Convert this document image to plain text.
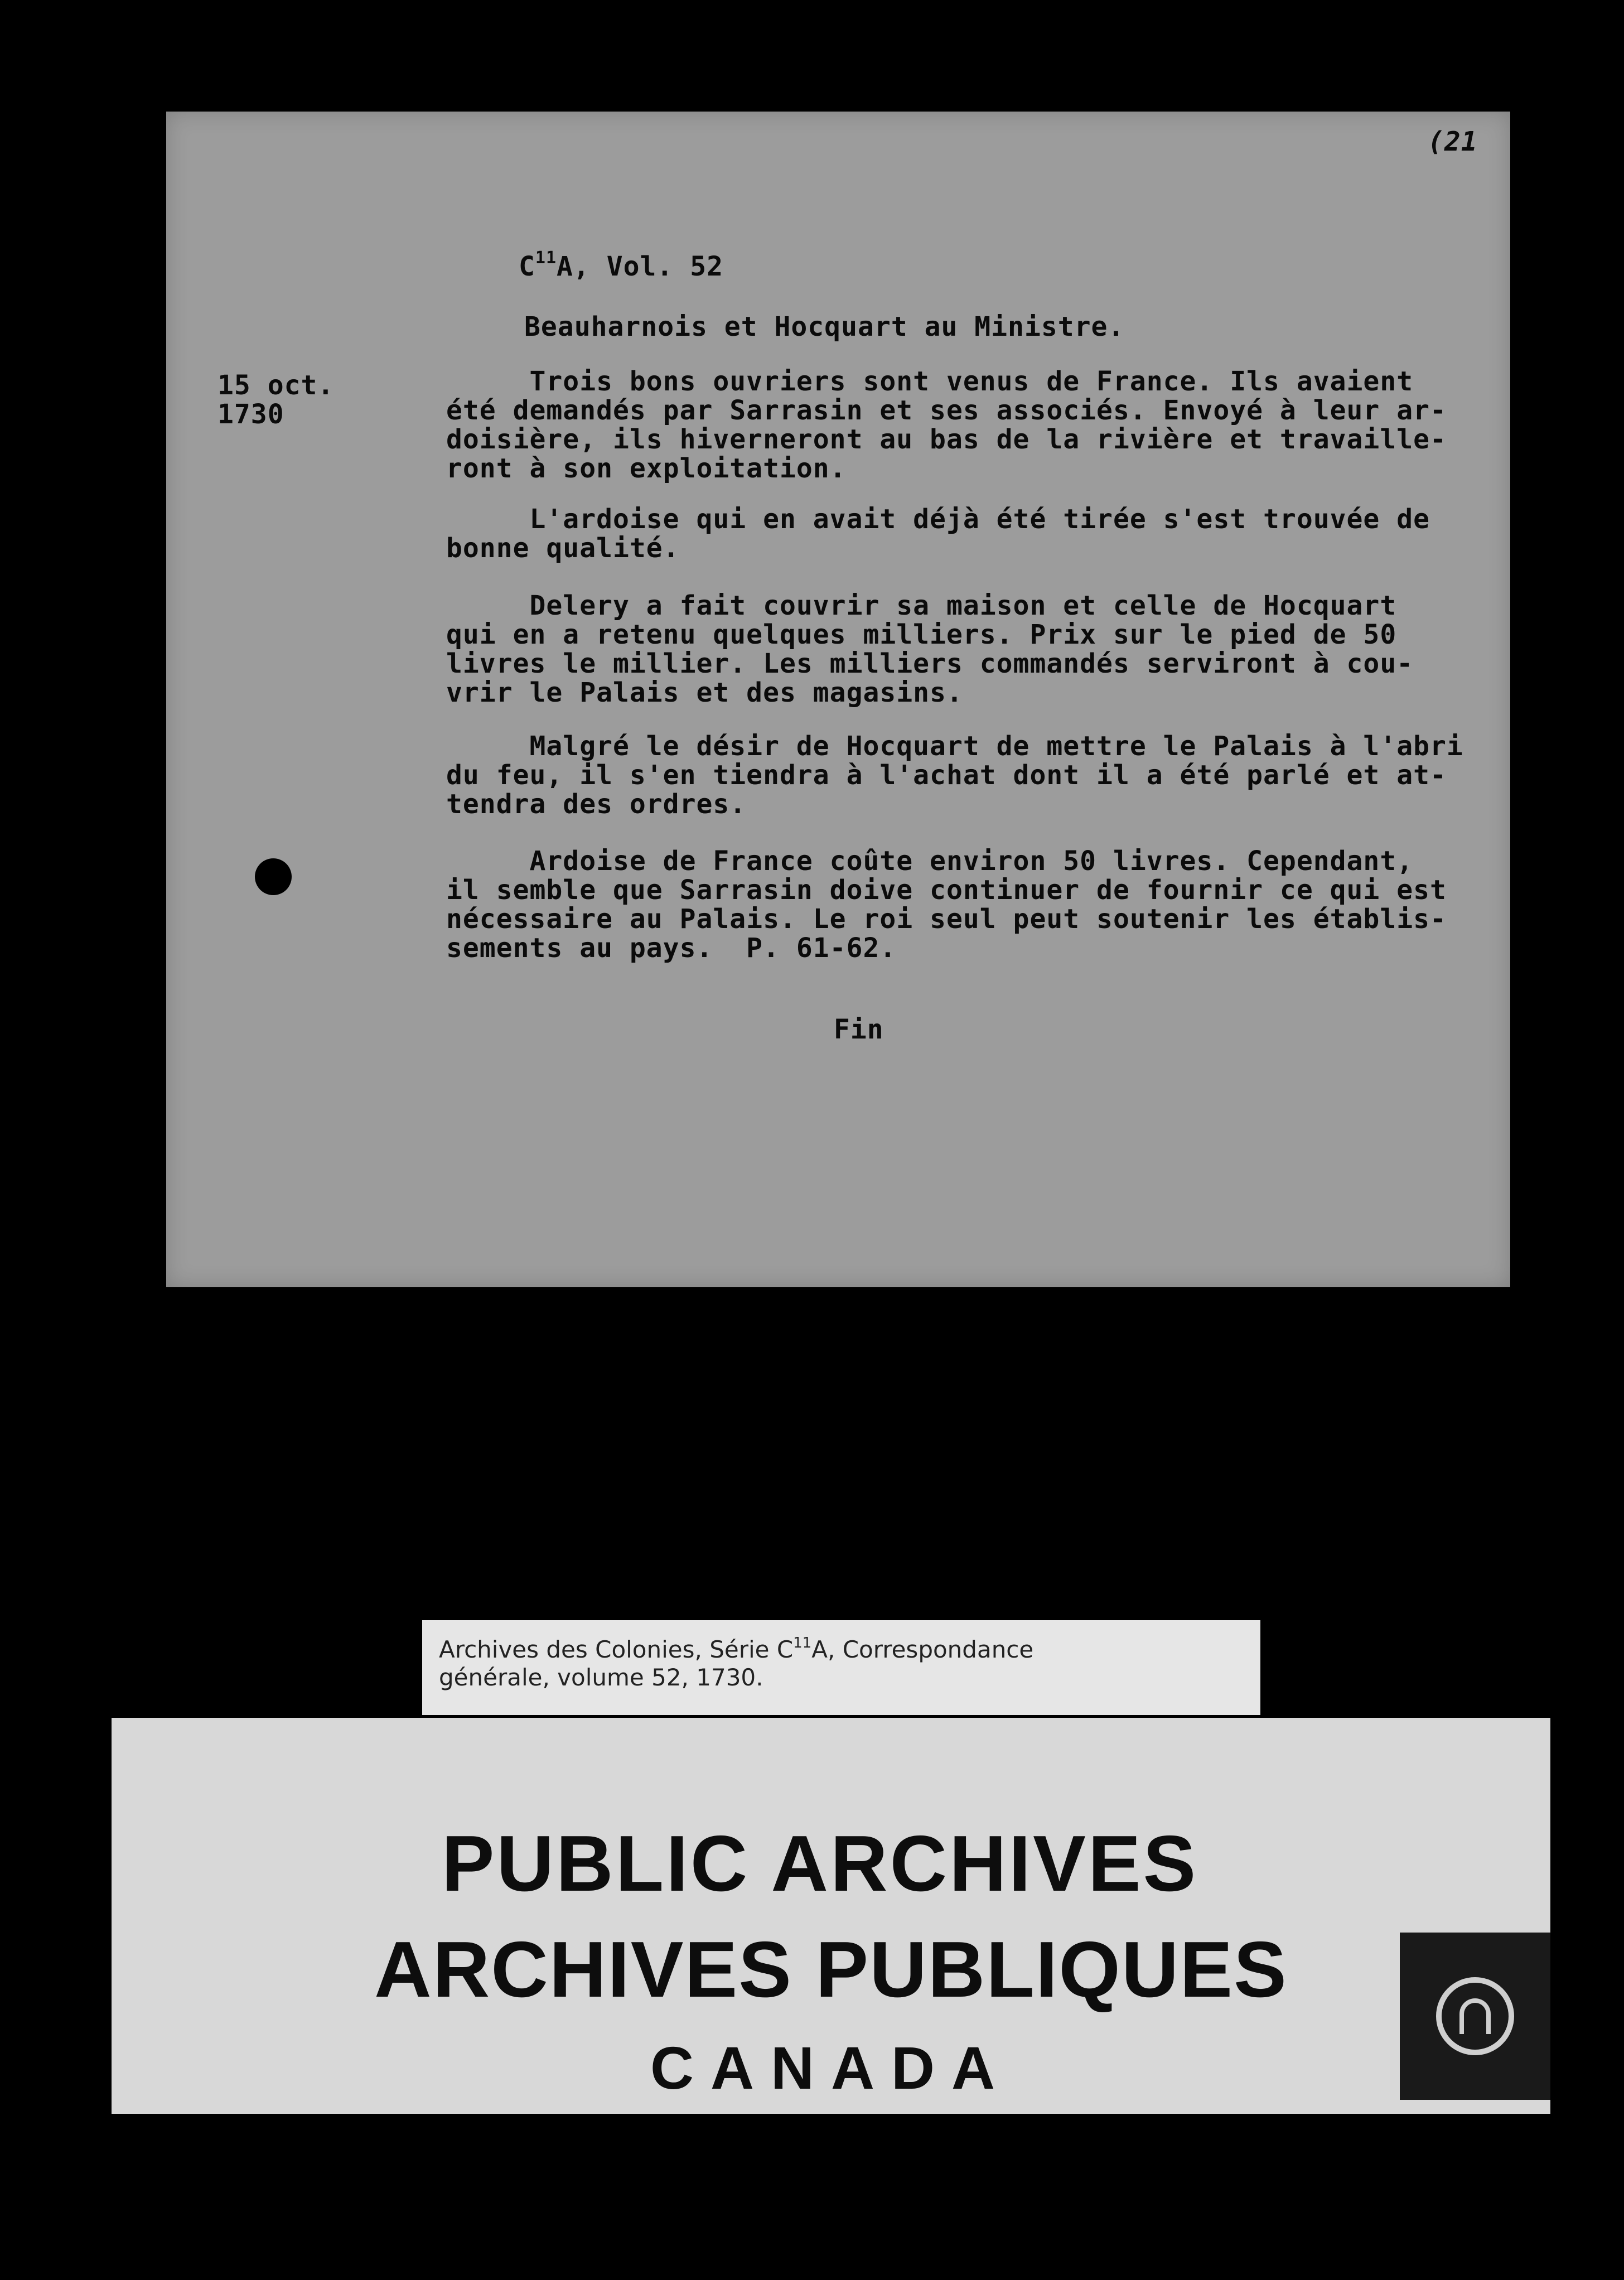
(21
$C^{11}A$, Vol. 52
Beauharnois et Hocquart au Ministre.
15 oct.
1730
Trois bons ouvriers sont venus de France. Ils avaient
été demandés par Sarrasin et ses associés. Envoyé à leur ar-
doisière, ils hiverneront au bas de la rivière et travaille-
ront à son exploitation.
L'ardoise qui en avait déjà été tirée s'est trouvée de
bonne qualité.
Delery a fait couvrir sa maison et celle de Hocquart
qui en a retenu quelques milliers. Prix sur le pied de 50
livres le millier. Les milliers commandés serviront à cou-
vrir le Palais et des magasins.
Malgré le désir de Hocquart de mettre le Palais à l'abri
du feu, il s'en tiendra à l'achat dont il a été parlé et at-
tendra des ordres.
Ardoise de France coûte environ 50 livres. Cependant,
il semble que Sarrasin doive continuer de fournir ce qui est
nécessaire au Palais. Le roi seul peut soutenir les établis-
sements au pays.  P. 61-62.
Fin
Archives des Colonies, Série $C^{11}A$, Correspondance
générale, volume 52, 1730.
PUBLIC ARCHIVES
ARCHIVES PUBLIQUES
CANADA
